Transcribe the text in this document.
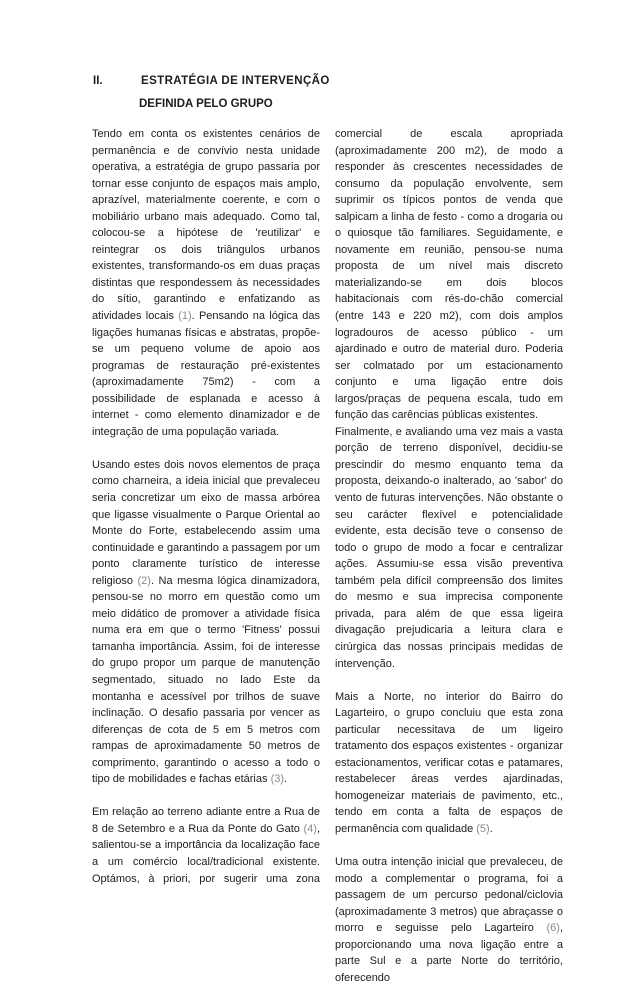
II.	ESTRATÉGIA DE INTERVENÇÃO
DEFINIDA PELO GRUPO

Tendo em conta os existentes cenários de permanência e de convívio nesta unidade operativa, a estratégia de grupo passaria por tornar esse conjunto de espaços mais amplo, aprazível, materialmente coerente, e com o mobiliário urbano mais adequado. Como tal, colocou-se a hipótese de 'reutilizar' e reintegrar os dois triângulos urbanos existentes, transformando-os em duas praças distintas que respondessem às necessidades do sítio, garantindo e enfatizando as atividades locais (1). Pensando na lógica das ligações humanas físicas e abstratas, propõe-se um pequeno volume de apoio aos programas de restauração pré-existentes (aproximadamente 75m2) - com a possibilidade de esplanada e acesso à internet - como elemento dinamizador e de integração de uma população variada.

Usando estes dois novos elementos de praça como charneira, a ideia inicial que prevaleceu seria concretizar um eixo de massa arbórea que ligasse visualmente o Parque Oriental ao Monte do Forte, estabelecendo assim uma continuidade e garantindo a passagem por um ponto claramente turístico de interesse religioso (2). Na mesma lógica dinamizadora, pensou-se no morro em questão como um meio didático de promover a atividade física numa era em que o termo 'Fitness' possui tamanha importância. Assim, foi de interesse do grupo propor um parque de manutenção segmentado, situado no lado Este da montanha e acessível por trilhos de suave inclinação. O desafio passaria por vencer as diferenças de cota de 5 em 5 metros com rampas de aproximadamente 50 metros de comprimento, garantindo o acesso a todo o tipo de mobilidades e fachas etárias (3).

Em relação ao terreno adiante entre a Rua de 8 de Setembro e a Rua da Ponte do Gato (4), salientou-se a importância da localização face a um comércio local/tradicional existente. Optámos, à priori, por sugerir uma zona

comercial de escala apropriada (aproximadamente 200 m2), de modo a responder às crescentes necessidades de consumo da população envolvente, sem suprimir os típicos pontos de venda que salpicam a linha de festo - como a drogaria ou o quiosque tão familiares. Seguidamente, e novamente em reunião, pensou-se numa proposta de um nível mais discreto materializando-se em dois blocos habitacionais com rés-do-chão comercial (entre 143 e 220 m2), com dois amplos logradouros de acesso público - um ajardinado e outro de material duro. Poderia ser colmatado por um estacionamento conjunto e uma ligação entre dois largos/praças de pequena escala, tudo em função das carências públicas existentes.

Finalmente, e avaliando uma vez mais a vasta porção de terreno disponível, decidiu-se prescindir do mesmo enquanto tema da proposta, deixando-o inalterado, ao 'sabor' do vento de futuras intervenções. Não obstante o seu carácter flexível e potencialidade evidente, esta decisão teve o consenso de todo o grupo de modo a focar e centralizar ações. Assumiu-se essa visão preventiva também pela difícil compreensão dos limites do mesmo e sua imprecisa componente privada, para além de que essa ligeira divagação prejudicaria a leitura clara e cirúrgica das nossas principais medidas de intervenção.

Mais a Norte, no interior do Bairro do Lagarteiro, o grupo concluiu que esta zona particular necessitava de um ligeiro tratamento dos espaços existentes - organizar estacionamentos, verificar cotas e patamares, restabelecer áreas verdes ajardinadas, homogeneizar materiais de pavimento, etc., tendo em conta a falta de espaços de permanência com qualidade (5).

Uma outra intenção inicial que prevaleceu, de modo a complementar o programa, foi a passagem de um percurso pedonal/ciclovia (aproximadamente 3 metros) que abraçasse o morro e seguisse pelo Lagarteiro (6), proporcionando uma nova ligação entre a parte Sul e a parte Norte do território, oferecendo
